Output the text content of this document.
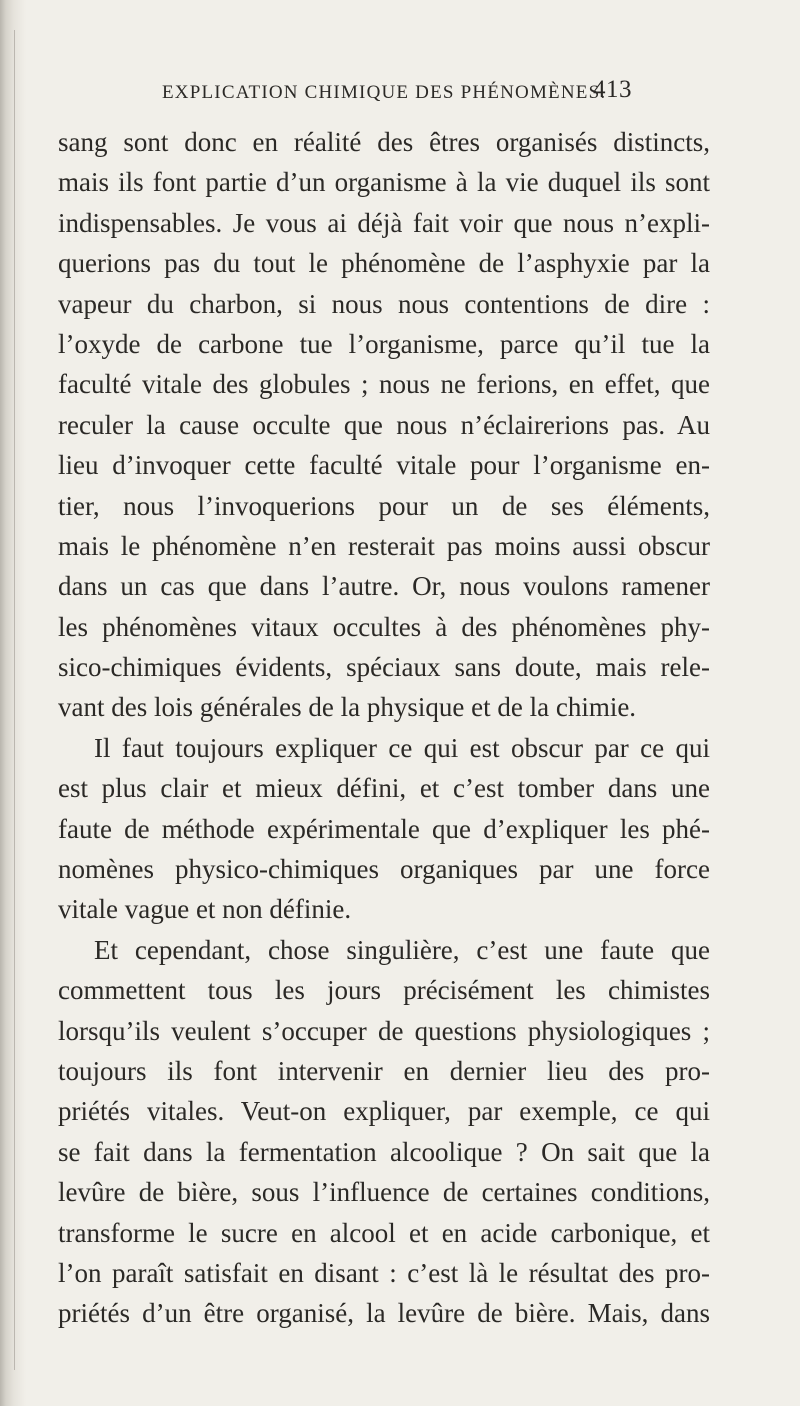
EXPLICATION CHIMIQUE DES PHÉNOMÈNES.
413
sang sont donc en réalité des êtres organisés distincts,
mais ils font partie d’un organisme à la vie duquel ils sont
indispensables. Je vous ai déjà fait voir que nous n’expli-
querions pas du tout le phénomène de l’asphyxie par la
vapeur du charbon, si nous nous contentions de dire :
l’oxyde de carbone tue l’organisme, parce qu’il tue la
faculté vitale des globules ; nous ne ferions, en effet, que
reculer la cause occulte que nous n’éclairerions pas. Au
lieu d’invoquer cette faculté vitale pour l’organisme en-
tier, nous l’invoquerions pour un de ses éléments,
mais le phénomène n’en resterait pas moins aussi obscur
dans un cas que dans l’autre. Or, nous voulons ramener
les phénomènes vitaux occultes à des phénomènes phy-
sico-chimiques évidents, spéciaux sans doute, mais rele-
vant des lois générales de la physique et de la chimie.
Il faut toujours expliquer ce qui est obscur par ce qui
est plus clair et mieux défini, et c’est tomber dans une
faute de méthode expérimentale que d’expliquer les phé-
nomènes physico-chimiques organiques par une force
vitale vague et non définie.
Et cependant, chose singulière, c’est une faute que
commettent tous les jours précisément les chimistes
lorsqu’ils veulent s’occuper de questions physiologiques ;
toujours ils font intervenir en dernier lieu des pro-
priétés vitales. Veut-on expliquer, par exemple, ce qui
se fait dans la fermentation alcoolique ? On sait que la
levûre de bière, sous l’influence de certaines conditions,
transforme le sucre en alcool et en acide carbonique, et
l’on paraît satisfait en disant : c’est là le résultat des pro-
priétés d’un être organisé, la levûre de bière. Mais, dans
